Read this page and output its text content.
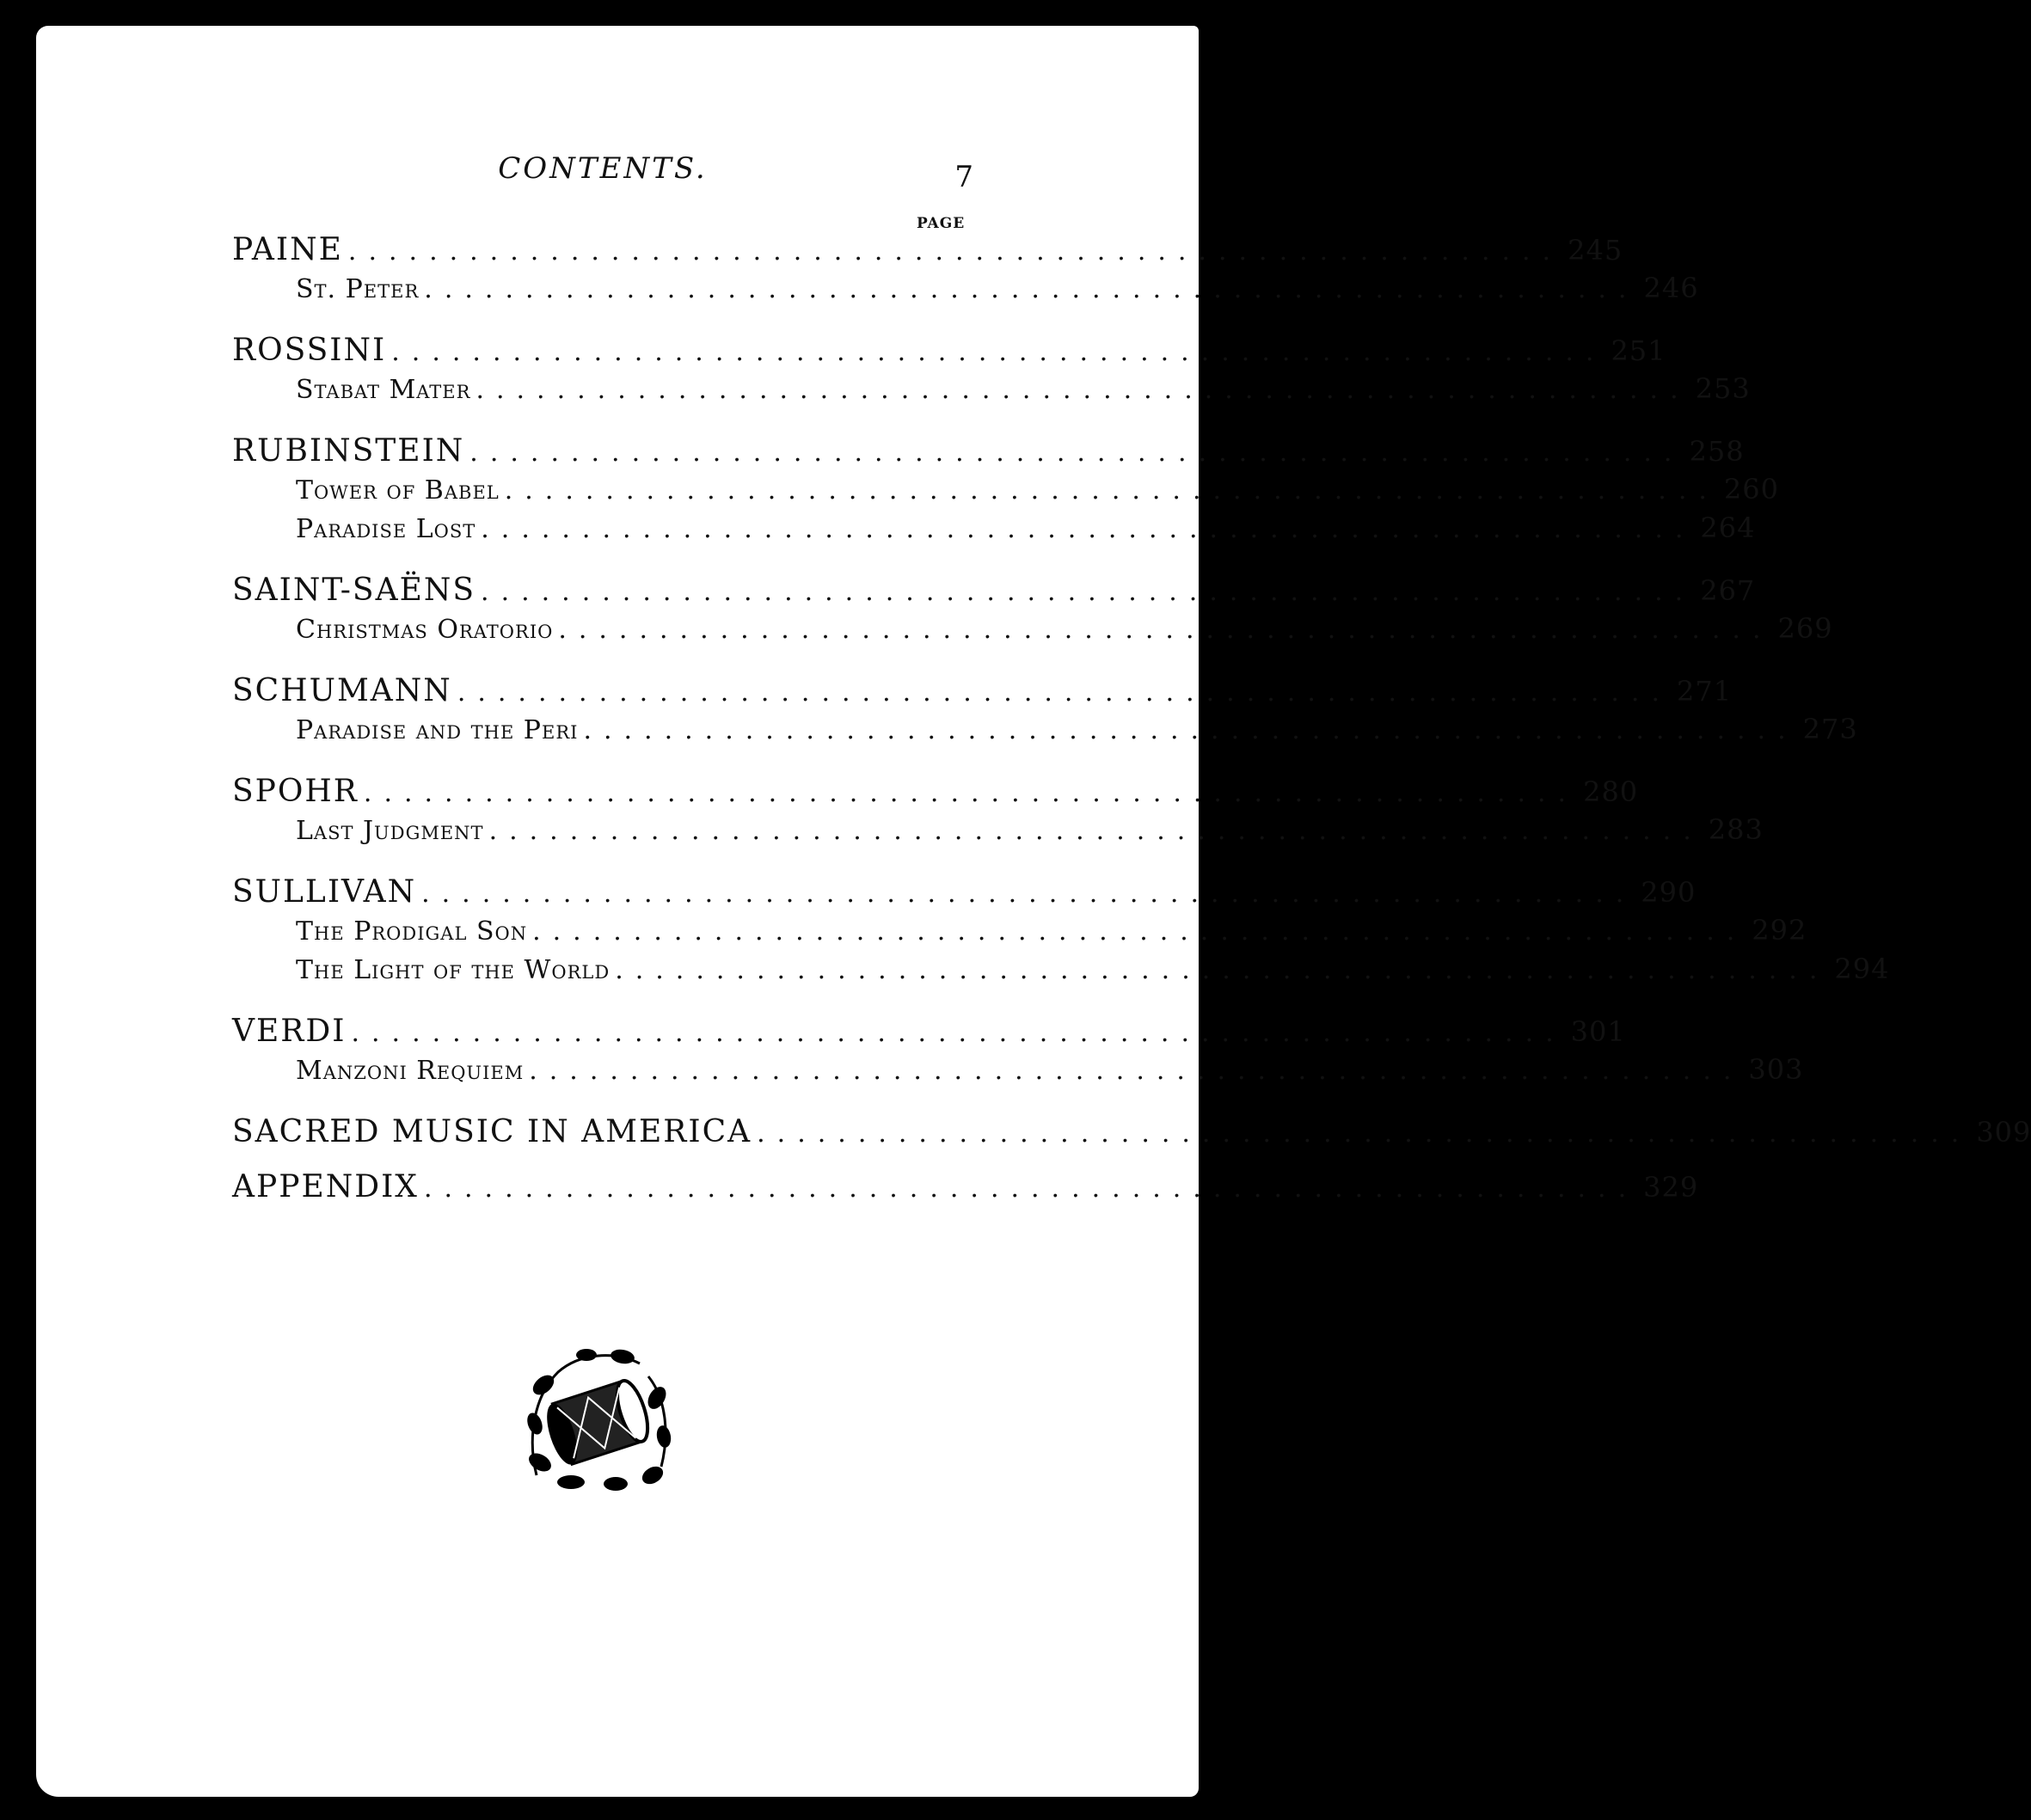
CONTENTS.	7
PAGE
PAINE ............................................................ 245
St. Peter ............................................................ 246
ROSSINI ............................................................ 251
Stabat Mater ............................................................ 253
RUBINSTEIN ............................................................ 258
Tower of Babel ............................................................ 260
Paradise Lost ............................................................ 264
SAINT-SAËNS ............................................................ 267
Christmas Oratorio ............................................................ 269
SCHUMANN ............................................................ 271
Paradise and the Peri ............................................................ 273
SPOHR ............................................................ 280
Last Judgment ............................................................ 283
SULLIVAN ............................................................ 290
The Prodigal Son ............................................................ 292
The Light of the World ............................................................ 294
VERDI ............................................................ 301
Manzoni Requiem ............................................................ 303
SACRED MUSIC IN AMERICA ............................................................ 309
APPENDIX ............................................................ 329
